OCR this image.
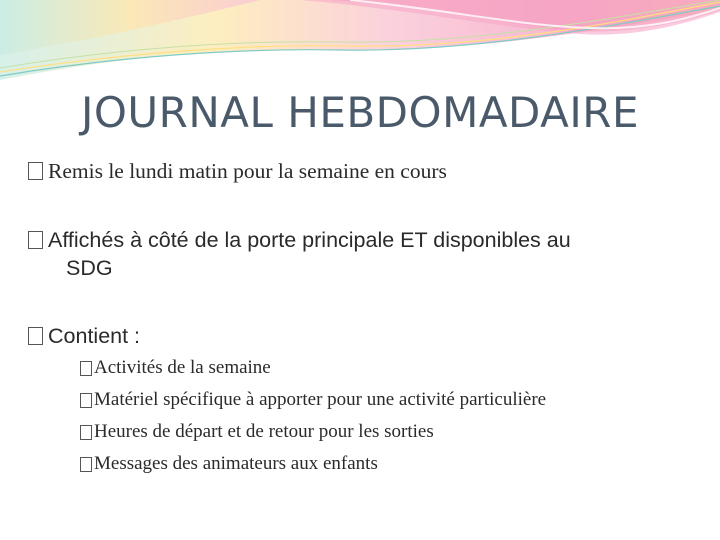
JOURNAL HEBDOMADAIRE
Remis le lundi matin pour la semaine en cours
Affichés à côté de la porte principale ET disponibles au
SDG
Contient :
Activités de la semaine
Matériel spécifique à apporter pour une activité particulière
Heures de départ et de retour pour les sorties
Messages des animateurs aux enfants
